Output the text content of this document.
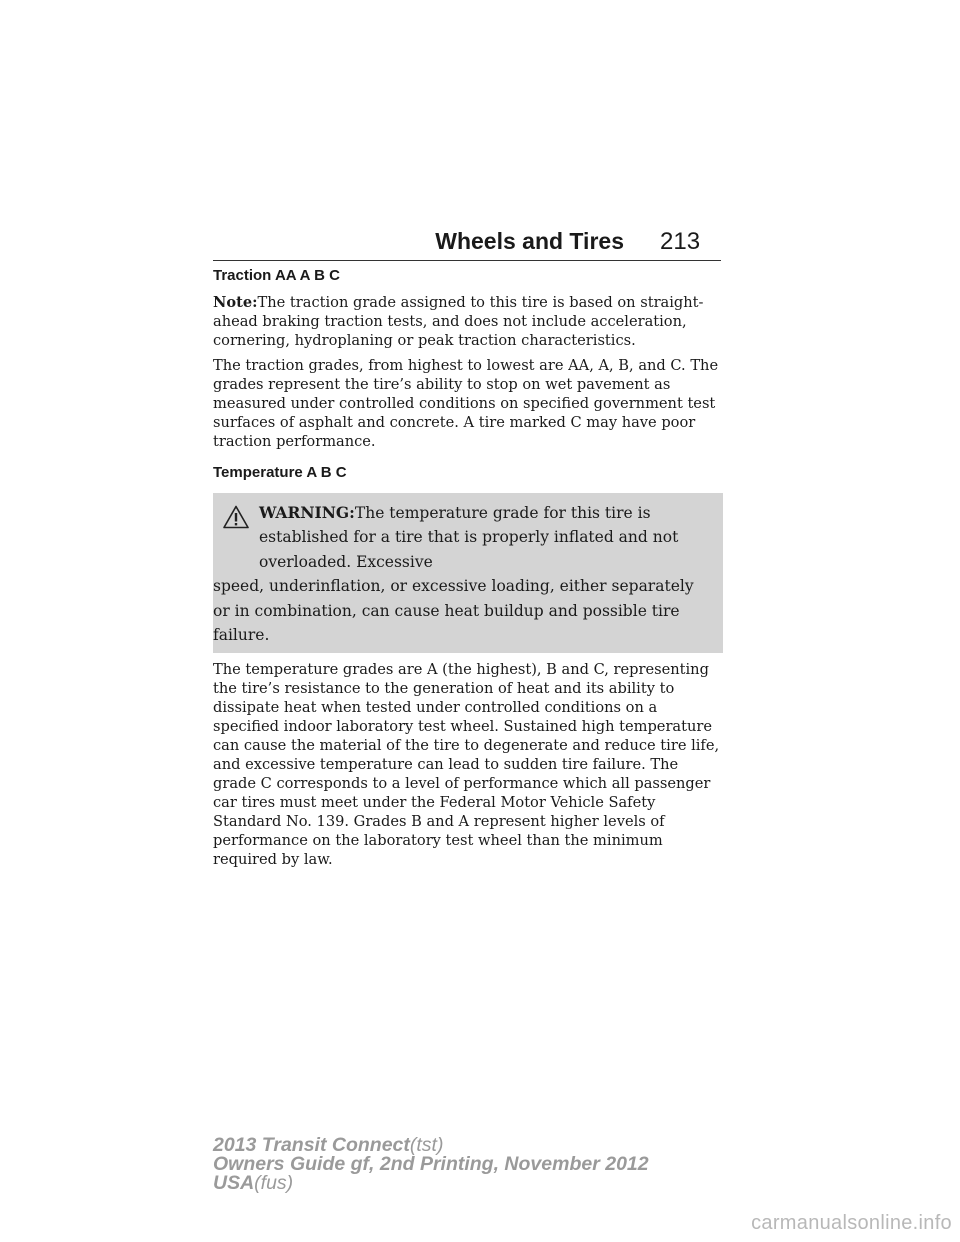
Wheels and Tires 213
Traction AA A B C

Note:The traction grade assigned to this tire is based on straight-ahead braking traction tests, and does not include acceleration, cornering, hydroplaning or peak traction characteristics.

The traction grades, from highest to lowest are AA, A, B, and C. The grades represent the tire’s ability to stop on wet pavement as measured under controlled conditions on specified government test surfaces of asphalt and concrete. A tire marked C may have poor traction performance.

Temperature A B C
WARNING:The temperature grade for this tire is established for a tire that is properly inflated and not overloaded. Excessive
speed, underinflation, or excessive loading, either separately or in combination, can cause heat buildup and possible tire failure.

The temperature grades are A (the highest), B and C, representing the tire’s resistance to the generation of heat and its ability to dissipate heat when tested under controlled conditions on a specified indoor laboratory test wheel. Sustained high temperature can cause the material of the tire to degenerate and reduce tire life, and excessive temperature can lead to sudden tire failure. The grade C corresponds to a level of performance which all passenger car tires must meet under the Federal Motor Vehicle Safety Standard No. 139. Grades B and A represent higher levels of performance on the laboratory test wheel than the minimum required by law.

2013 Transit Connect(tst)
Owners Guide gf, 2nd Printing, November 2012
USA(fus)
carmanualsonline.info
